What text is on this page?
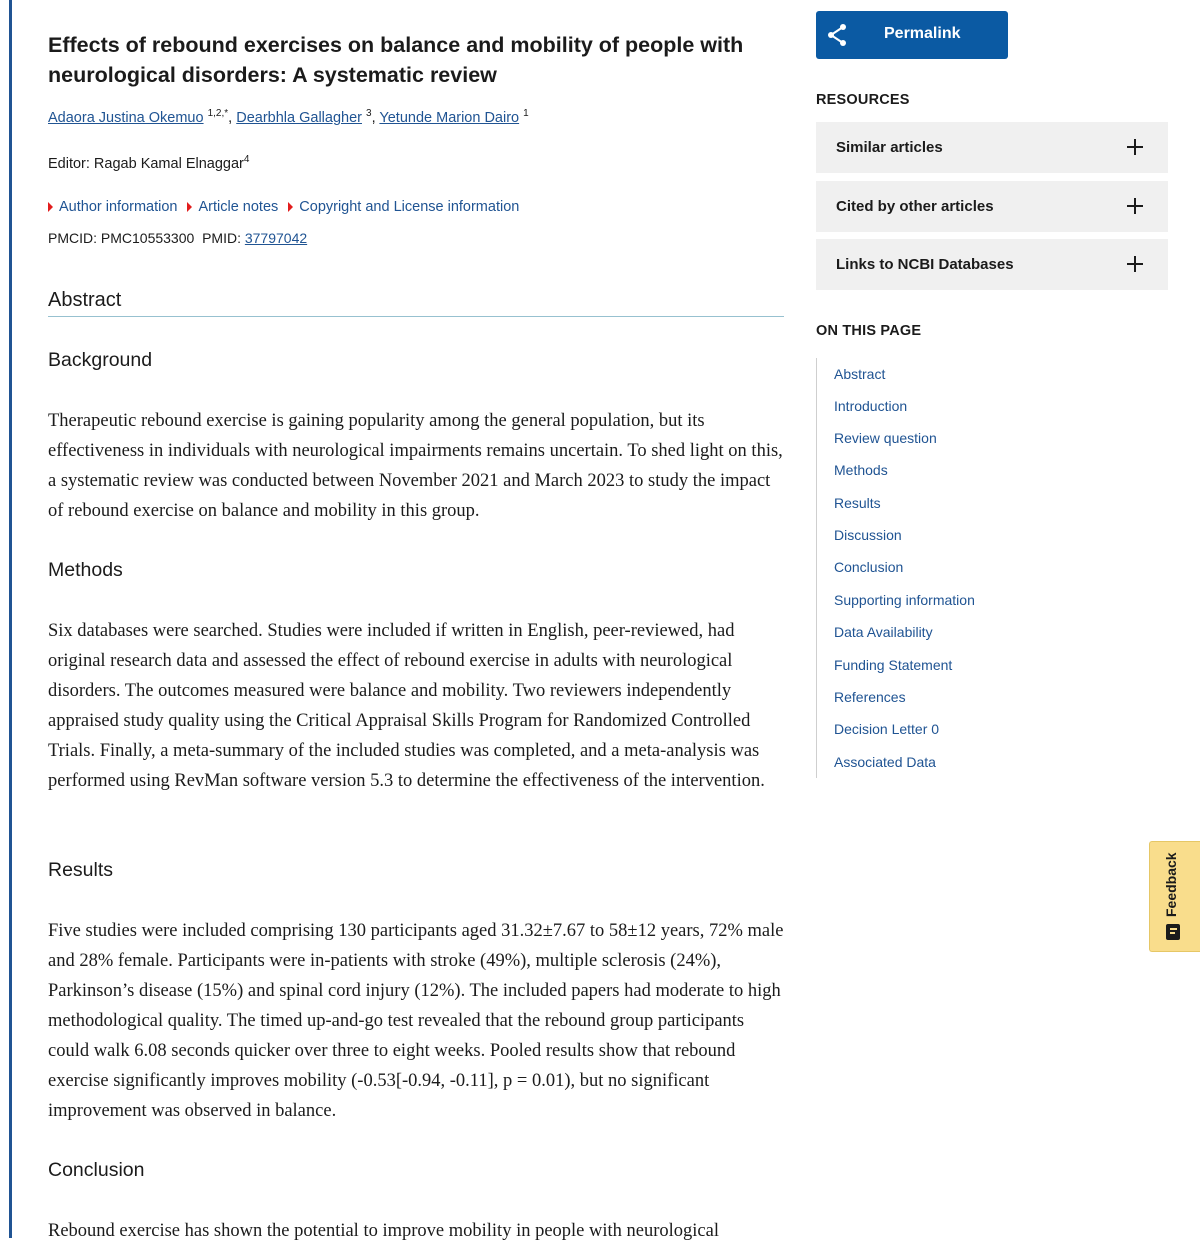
Effects of rebound exercises on balance and mobility of people with neurological disorders: A systematic review
Adaora Justina Okemuo $^{1,2,*}$, Dearbhla Gallagher $^3$, Yetunde Marion Dairo $^1$
Editor: Ragab Kamal Elnaggar$^4$
Author information Article notes Copyright and License information
PMCID: PMC10553300 PMID: 37797042
Abstract
Background

Therapeutic rebound exercise is gaining popularity among the general population, but its effectiveness in individuals with neurological impairments remains uncertain. To shed light on this, a systematic review was conducted between November 2021 and March 2023 to study the impact of rebound exercise on balance and mobility in this group.

Methods

Six databases were searched. Studies were included if written in English, peer-reviewed, had original research data and assessed the effect of rebound exercise in adults with neurological disorders. The outcomes measured were balance and mobility. Two reviewers independently appraised study quality using the Critical Appraisal Skills Program for Randomized Controlled Trials. Finally, a meta-summary of the included studies was completed, and a meta-analysis was performed using RevMan software version 5.3 to determine the effectiveness of the intervention.

Results

Five studies were included comprising 130 participants aged 31.32±7.67 to 58±12 years, 72% male and 28% female. Participants were in-patients with stroke (49%), multiple sclerosis (24%), Parkinson’s disease (15%) and spinal cord injury (12%). The included papers had moderate to high methodological quality. The timed up-and-go test revealed that the rebound group participants could walk 6.08 seconds quicker over three to eight weeks. Pooled results show that rebound exercise significantly improves mobility (-0.53[-0.94, -0.11], p = 0.01), but no significant improvement was observed in balance.

Conclusion

Rebound exercise has shown the potential to improve mobility in people with neurological

Permalink
RESOURCES
Similar articles
Cited by other articles
Links to NCBI Databases
ON THIS PAGE
Abstract
Introduction
Review question
Methods
Results
Discussion
Conclusion
Supporting information
Data Availability
Funding Statement
References
Decision Letter 0
Associated Data
Feedback
